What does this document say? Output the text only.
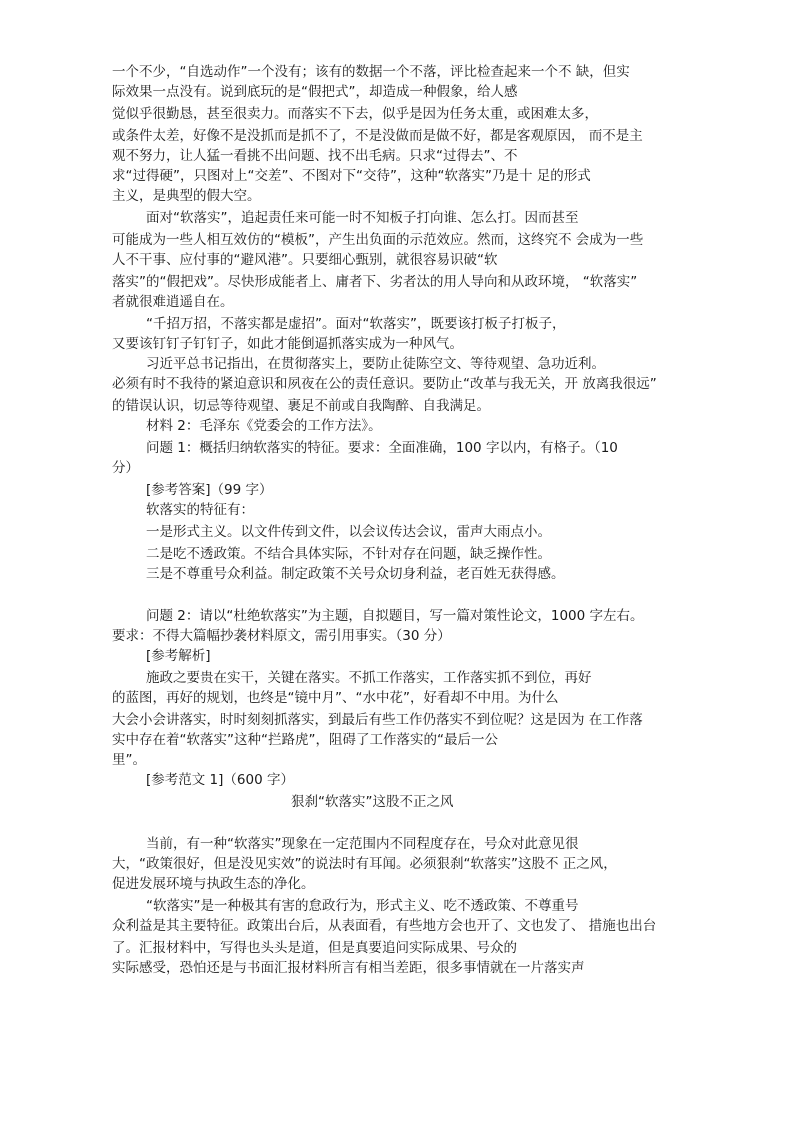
一个不少，“自选动作”一个没有；该有的数据一个不落，评比检查起来一个不 缺，但实
际效果一点没有。说到底玩的是“假把式”，却造成一种假象，给人感
觉似乎很勤恳，甚至很卖力。而落实不下去，似乎是因为任务太重，或困难太多，
或条件太差，好像不是没抓而是抓不了，不是没做而是做不好，都是客观原因， 而不是主
观不努力，让人猛一看挑不出问题、找不出毛病。只求“过得去”、不
求“过得硬”，只图对上“交差”、不图对下“交待”，这种“软落实”乃是十 足的形式
主义，是典型的假大空。
面对“软落实”，追起责任来可能一时不知板子打向谁、怎么打。因而甚至
可能成为一些人相互效仿的“模板”，产生出负面的示范效应。然而，这终究不 会成为一些
人不干事、应付事的“避风港”。只要细心甄别，就很容易识破“软
落实”的“假把戏”。尽快形成能者上、庸者下、劣者汰的用人导向和从政环境， “软落实”
者就很难逍遥自在。
“千招万招，不落实都是虚招”。面对“软落实”，既要该打板子打板子，
又要该钉钉子钉钉子，如此才能倒逼抓落实成为一种风气。
习近平总书记指出，在贯彻落实上，要防止徒陈空文、等待观望、急功近利。
必须有时不我待的紧迫意识和夙夜在公的责任意识。要防止“改革与我无关，开 放离我很远”
的错误认识，切忌等待观望、裹足不前或自我陶醉、自我满足。
材料 2：毛泽东《党委会的工作方法》。
问题 1：概括归纳软落实的特征。要求：全面准确，100 字以内，有格子。（10
分）
[参考答案]（99 字）
软落实的特征有：
一是形式主义。以文件传到文件，以会议传达会议，雷声大雨点小。
二是吃不透政策。不结合具体实际，不针对存在问题，缺乏操作性。
三是不尊重号众利益。制定政策不关号众切身利益，老百姓无获得感。
问题 2：请以“杜绝软落实”为主题，自拟题目，写一篇对策性论文，1000 字左右。
要求：不得大篇幅抄袭材料原文，需引用事实。（30 分）
[参考解析]
施政之要贵在实干，关键在落实。不抓工作落实，工作落实抓不到位，再好
的蓝图，再好的规划，也终是“镜中月”、“水中花”，好看却不中用。为什么
大会小会讲落实，时时刻刻抓落实，到最后有些工作仍落实不到位呢？这是因为 在工作落
实中存在着“软落实”这种“拦路虎”，阻碍了工作落实的“最后一公
里”。
[参考范文 1]（600 字）
狠刹“软落实”这股不正之风
当前，有一种“软落实”现象在一定范围内不同程度存在，号众对此意见很
大，“政策很好，但是没见实效”的说法时有耳闻。必须狠刹“软落实”这股不 正之风，
促进发展环境与执政生态的净化。
“软落实”是一种极其有害的怠政行为，形式主义、吃不透政策、不尊重号
众利益是其主要特征。政策出台后，从表面看，有些地方会也开了、文也发了、 措施也出台
了。汇报材料中，写得也头头是道，但是真要追问实际成果、号众的
实际感受，恐怕还是与书面汇报材料所言有相当差距，很多事情就在一片落实声
